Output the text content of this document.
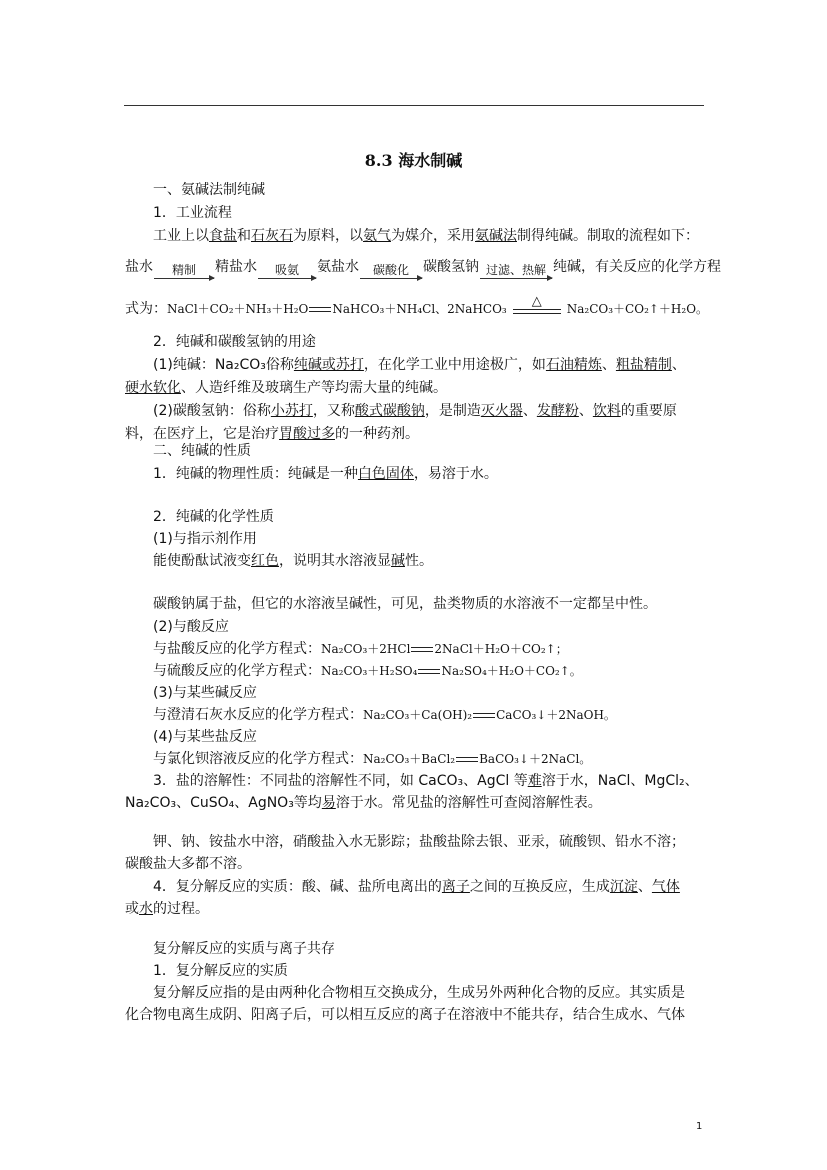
8.3 海水制碱
一、氨碱法制纯碱
1．工业流程
工业上以食盐和石灰石为原料，以氨气为媒介，采用氨碱法制得纯碱。制取的流程如下：
盐水	精制	精盐水	吸氨	氨盐水	碳酸化	碳酸氢钠 过滤、热解 纯碱，有关反应的化学方程
式为：NaCl＋CO₂＋NH₃＋H₂O NaHCO₃＋NH₄Cl、2NaHCO₃	△	Na₂CO₃＋CO₂↑＋H₂O。
2．纯碱和碳酸氢钠的用途
(1)纯碱：Na₂CO₃俗称纯碱或苏打，在化学工业中用途极广，如石油精炼、粗盐精制、
硬水软化、人造纤维及玻璃生产等均需大量的纯碱。
(2)碳酸氢钠：俗称小苏打，又称酸式碳酸钠，是制造灭火器、发酵粉、饮料的重要原
料，在医疗上，它是治疗胃酸过多的一种药剂。
二、纯碱的性质
1．纯碱的物理性质：纯碱是一种白色固体，易溶于水。
2．纯碱的化学性质
(1)与指示剂作用
能使酚酞试液变红色，说明其水溶液显碱性。
碳酸钠属于盐，但它的水溶液呈碱性，可见，盐类物质的水溶液不一定都呈中性。
(2)与酸反应
与盐酸反应的化学方程式：Na₂CO₃＋2HCl 2NaCl＋H₂O＋CO₂↑；
与硫酸反应的化学方程式：Na₂CO₃＋H₂SO₄ Na₂SO₄＋H₂O＋CO₂↑。
(3)与某些碱反应
与澄清石灰水反应的化学方程式：Na₂CO₃＋Ca(OH)₂ CaCO₃↓＋2NaOH。
(4)与某些盐反应
与氯化钡溶液反应的化学方程式：Na₂CO₃＋BaCl₂ BaCO₃↓＋2NaCl。
3．盐的溶解性：不同盐的溶解性不同，如 CaCO₃、AgCl 等难溶于水，NaCl、MgCl₂、
Na₂CO₃、CuSO₄、AgNO₃等均易溶于水。常见盐的溶解性可查阅溶解性表。
钾、钠、铵盐水中溶，硝酸盐入水无影踪；盐酸盐除去银、亚汞，硫酸钡、铅水不溶；
碳酸盐大多都不溶。
4．复分解反应的实质：酸、碱、盐所电离出的离子之间的互换反应，生成沉淀、气体
或水的过程。
复分解反应的实质与离子共存
1．复分解反应的实质
复分解反应指的是由两种化合物相互交换成分，生成另外两种化合物的反应。其实质是
化合物电离生成阴、阳离子后，可以相互反应的离子在溶液中不能共存，结合生成水、气体
1
